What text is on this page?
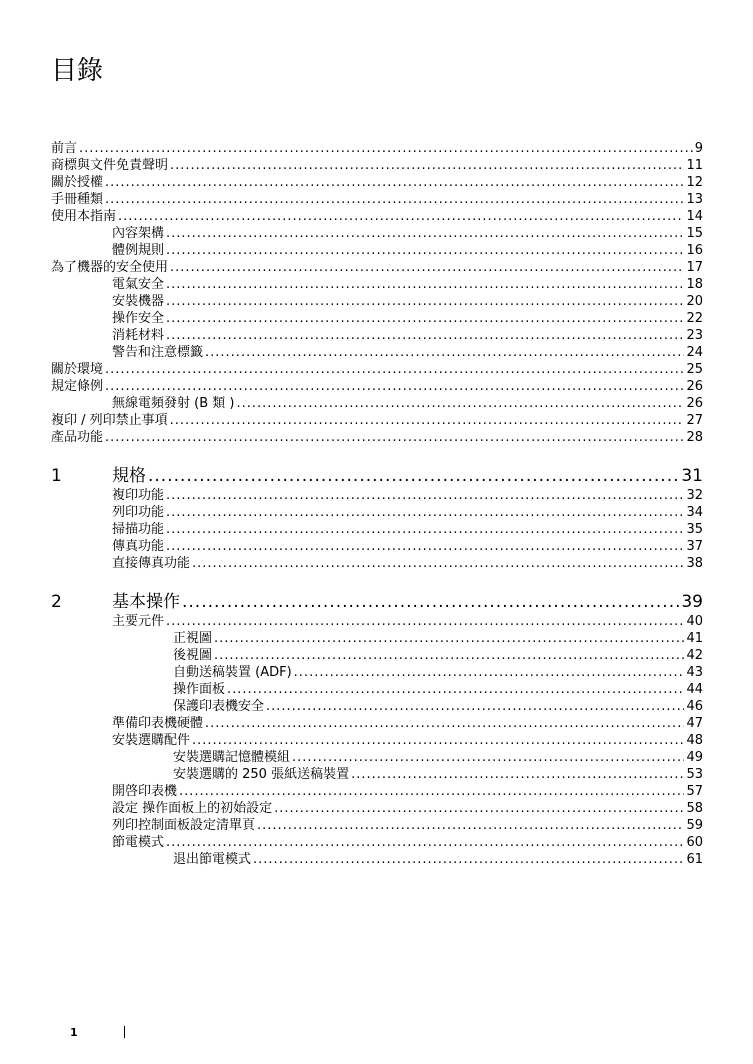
目錄
前言 .....	9
商標與文件免責聲明 .....	11
關於授權 .....	12
手冊種類 .....	13
使用本指南 .....	14
內容架構 .....	15
體例規則 .....	16
為了機器的安全使用 .....	17
電氣安全 .....	18
安裝機器 .....	20
操作安全 .....	22
消耗材料 .....	23
警告和注意標籤 .....	24
關於環境 .....	25
規定條例 .....	26
無線電頻發射 (B 類 ) .....	26
複印 / 列印禁止事項 .....	27
產品功能 .....	28
1	規格 .....	31
複印功能 .....	32
列印功能 .....	34
掃描功能 .....	35
傳真功能 .....	37
直接傳真功能 .....	38
2	基本操作 .....	39
主要元件 .....	40
正視圖 .....	41
後視圖 .....	42
自動送稿裝置 (ADF) .....	43
操作面板 .....	44
保護印表機安全 .....	46
準備印表機硬體 .....	47
安裝選購配件 .....	48
安裝選購記憶體模組 .....	49
安裝選購的 250 張紙送稿裝置 .....	53
開啓印表機 .....	57
設定 操作面板上的初始設定 .....	58
列印控制面板設定清單頁 .....	59
節電模式 .....	60
退出節電模式 .....	61
1
